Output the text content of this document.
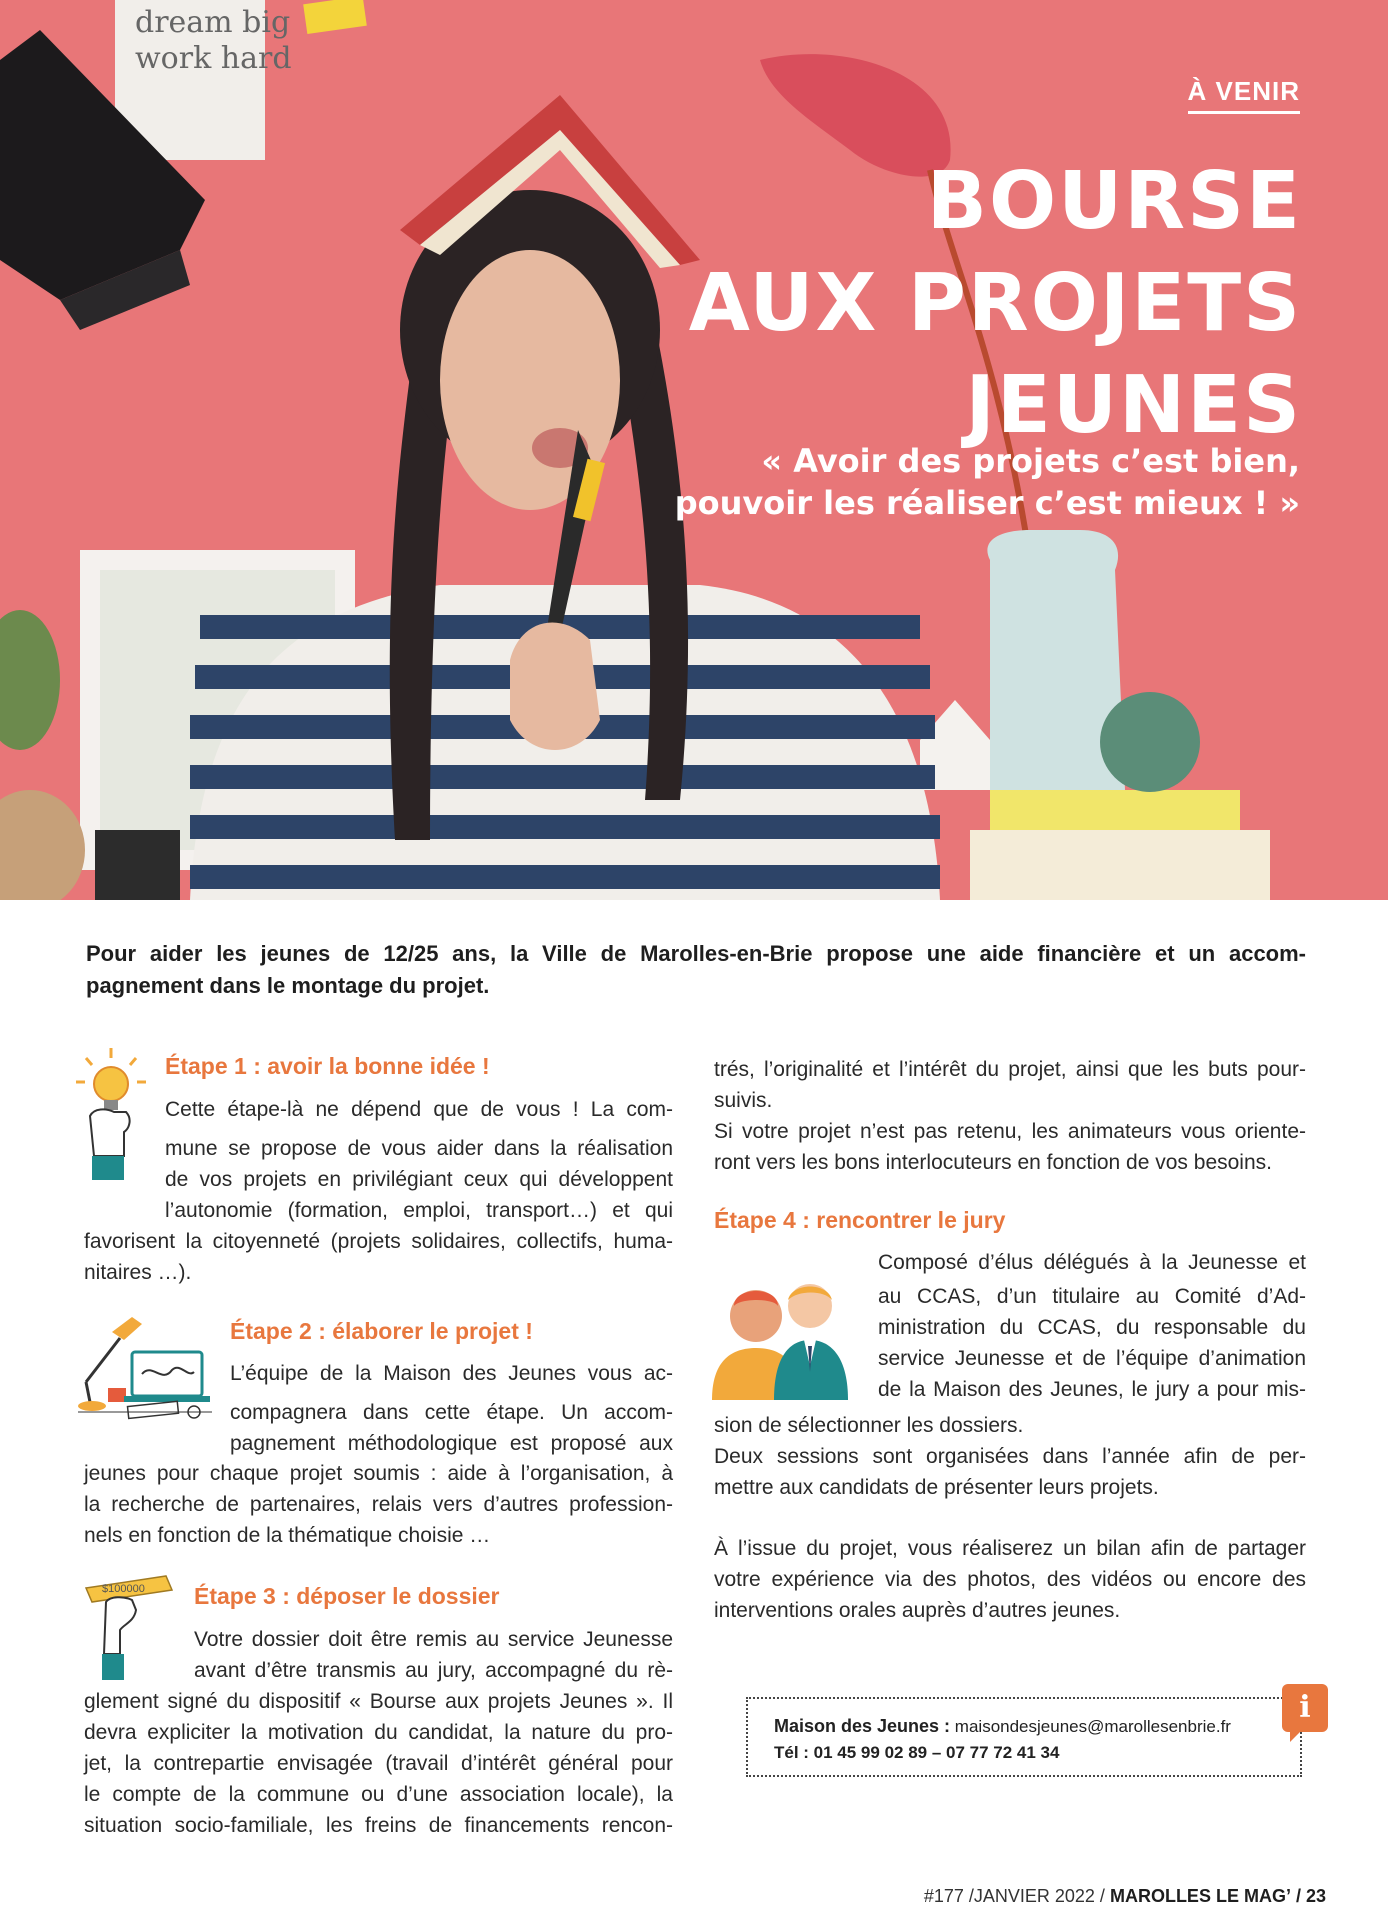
dream big
work hard
À VENIR
BOURSE
AUX PROJETS
JEUNES

« Avoir des projets c’est bien,
pouvoir les réaliser c’est mieux ! »

Pour aider les jeunes de 12/25 ans, la Ville de Marolles-en-Brie propose une aide financière et un accom-
pagnement dans le montage du projet.

Étape 1 : avoir la bonne idée !
Cette étape-là ne dépend que de vous ! La com-
mune se propose de vous aider dans la réalisation
de vos projets en privilégiant ceux qui développent
l’autonomie (formation, emploi, transport…) et qui
favorisent la citoyenneté (projets solidaires, collectifs, huma-
nitaires …).
Étape 2 : élaborer le projet !
L’équipe de la Maison des Jeunes vous ac-
compagnera dans cette étape. Un accom-
pagnement méthodologique est proposé aux
jeunes pour chaque projet soumis : aide à l’organisation, à
la recherche de partenaires, relais vers d’autres profession-
nels en fonction de la thématique choisie …
$100000 Étape 3 : déposer le dossier
Votre dossier doit être remis au service Jeunesse
avant d’être transmis au jury, accompagné du rè-
glement signé du dispositif « Bourse aux projets Jeunes ». Il
devra expliciter la motivation du candidat, la nature du pro-
jet, la contrepartie envisagée (travail d’intérêt général pour
le compte de la commune ou d’une association locale), la
situation socio-familiale, les freins de financements rencon-
trés, l’originalité et l’intérêt du projet, ainsi que les buts pour-
suivis.
Si votre projet n’est pas retenu, les animateurs vous oriente-
ront vers les bons interlocuteurs en fonction de vos besoins.
Étape 4 : rencontrer le jury
Composé d’élus délégués à la Jeunesse et
au CCAS, d’un titulaire au Comité d’Ad-
ministration du CCAS, du responsable du
service Jeunesse et de l’équipe d’animation
de la Maison des Jeunes, le jury a pour mis-
sion de sélectionner les dossiers.
Deux sessions sont organisées dans l’année afin de per-
mettre aux candidats de présenter leurs projets.
À l’issue du projet, vous réaliserez un bilan afin de partager
votre expérience via des photos, des vidéos ou encore des
interventions orales auprès d’autres jeunes.
Maison des Jeunes : maisondesjeunes@marollesenbrie.fr
Tél : 01 45 99 02 89 – 07 77 72 41 34
i
#177 /JANVIER 2022 / MAROLLES LE MAG’ / 23
